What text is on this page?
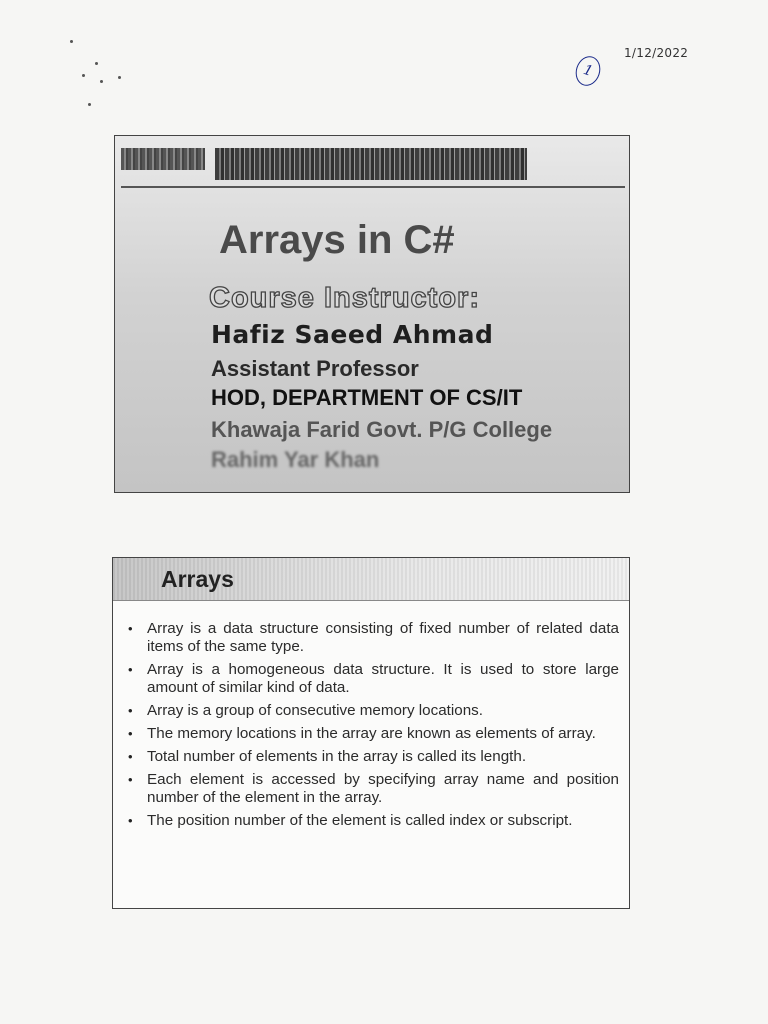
1/12/2022
1
Arrays in C#
Course Instructor:
Hafiz Saeed Ahmad
Assistant Professor
HOD, DEPARTMENT OF CS/IT
Khawaja Farid Govt. P/G College
Rahim Yar Khan
Arrays
• Array is a data structure consisting of fixed number of related data items of the same type.
• Array is a homogeneous data structure. It is used to store large amount of similar kind of data.
• Array is a group of consecutive memory locations.
• The memory locations in the array are known as elements of array.
• Total number of elements in the array is called its length.
• Each element is accessed by specifying array name and position number of the element in the array.
• The position number of the element is called index or subscript.
